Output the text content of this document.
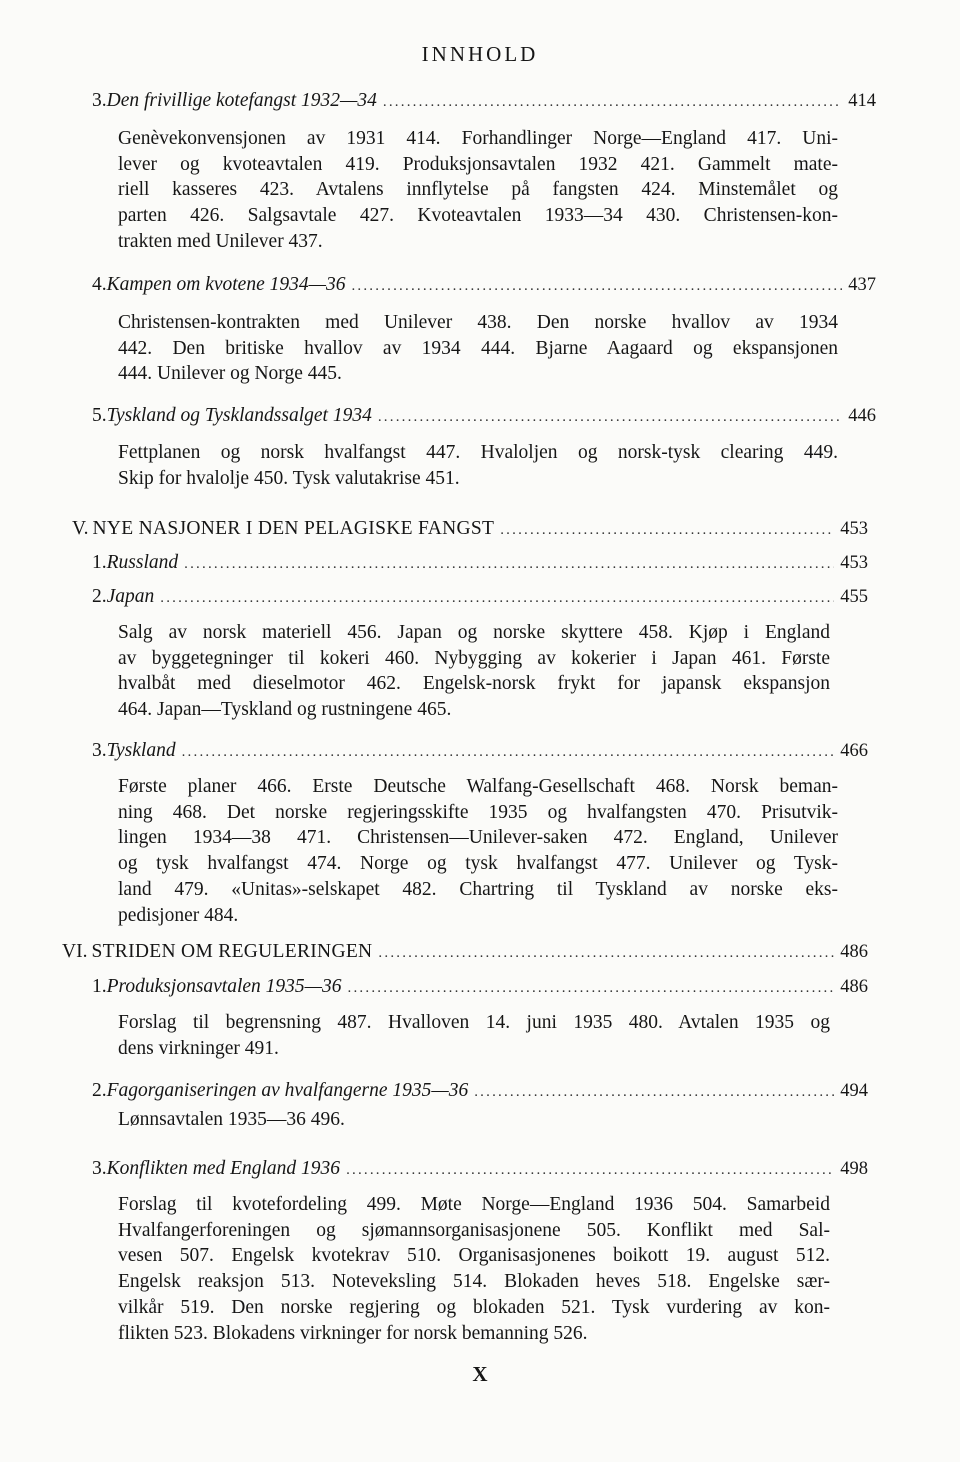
INNHOLD
3. Den frivillige kotefangst 1932—34 .....	414
Genèvekonvensjonen av 1931 414. Forhandlinger Norge—England 417. Uni-
lever og kvoteavtalen 419. Produksjonsavtalen 1932 421. Gammelt mate-
riell kasseres 423. Avtalens innflytelse på fangsten 424. Minstemålet og
parten 426. Salgsavtale 427. Kvoteavtalen 1933—34 430. Christensen-kon-
trakten med Unilever 437.
4. Kampen om kvotene 1934—36 .....	437
Christensen-kontrakten med Unilever 438. Den norske hvallov av 1934
442. Den britiske hvallov av 1934 444. Bjarne Aagaard og ekspansjonen
444. Unilever og Norge 445.
5. Tyskland og Tysklandssalget 1934 .....	446
Fettplanen og norsk hvalfangst 447. Hvaloljen og norsk-tysk clearing 449.
Skip for hvalolje 450. Tysk valutakrise 451.
V. NYE NASJONER I DEN PELAGISKE FANGST .....	453
1. Russland .....	453
2. Japan .....	455
Salg av norsk materiell 456. Japan og norske skyttere 458. Kjøp i England
av byggetegninger til kokeri 460. Nybygging av kokerier i Japan 461. Første
hvalbåt med dieselmotor 462. Engelsk-norsk frykt for japansk ekspansjon
464. Japan—Tyskland og rustningene 465.
3. Tyskland .....	466
Første planer 466. Erste Deutsche Walfang-Gesellschaft 468. Norsk beman-
ning 468. Det norske regjeringsskifte 1935 og hvalfangsten 470. Prisutvik-
lingen 1934—38 471. Christensen—Unilever-saken 472. England, Unilever
og tysk hvalfangst 474. Norge og tysk hvalfangst 477. Unilever og Tysk-
land 479. «Unitas»-selskapet 482. Chartring til Tyskland av norske eks-
pedisjoner 484.
VI. STRIDEN OM REGULERINGEN .....	486
1. Produksjonsavtalen 1935—36 .....	486
Forslag til begrensning 487. Hvalloven 14. juni 1935 480. Avtalen 1935 og
dens virkninger 491.
2. Fagorganiseringen av hvalfangerne 1935—36 .....	494
Lønnsavtalen 1935—36 496.
3. Konflikten med England 1936 .....	498
Forslag til kvotefordeling 499. Møte Norge—England 1936 504. Samarbeid
Hvalfangerforeningen og sjømannsorganisasjonene 505. Konflikt med Sal-
vesen 507. Engelsk kvotekrav 510. Organisasjonenes boikott 19. august 512.
Engelsk reaksjon 513. Noteveksling 514. Blokaden heves 518. Engelske sær-
vilkår 519. Den norske regjering og blokaden 521. Tysk vurdering av kon-
flikten 523. Blokadens virkninger for norsk bemanning 526.
X
